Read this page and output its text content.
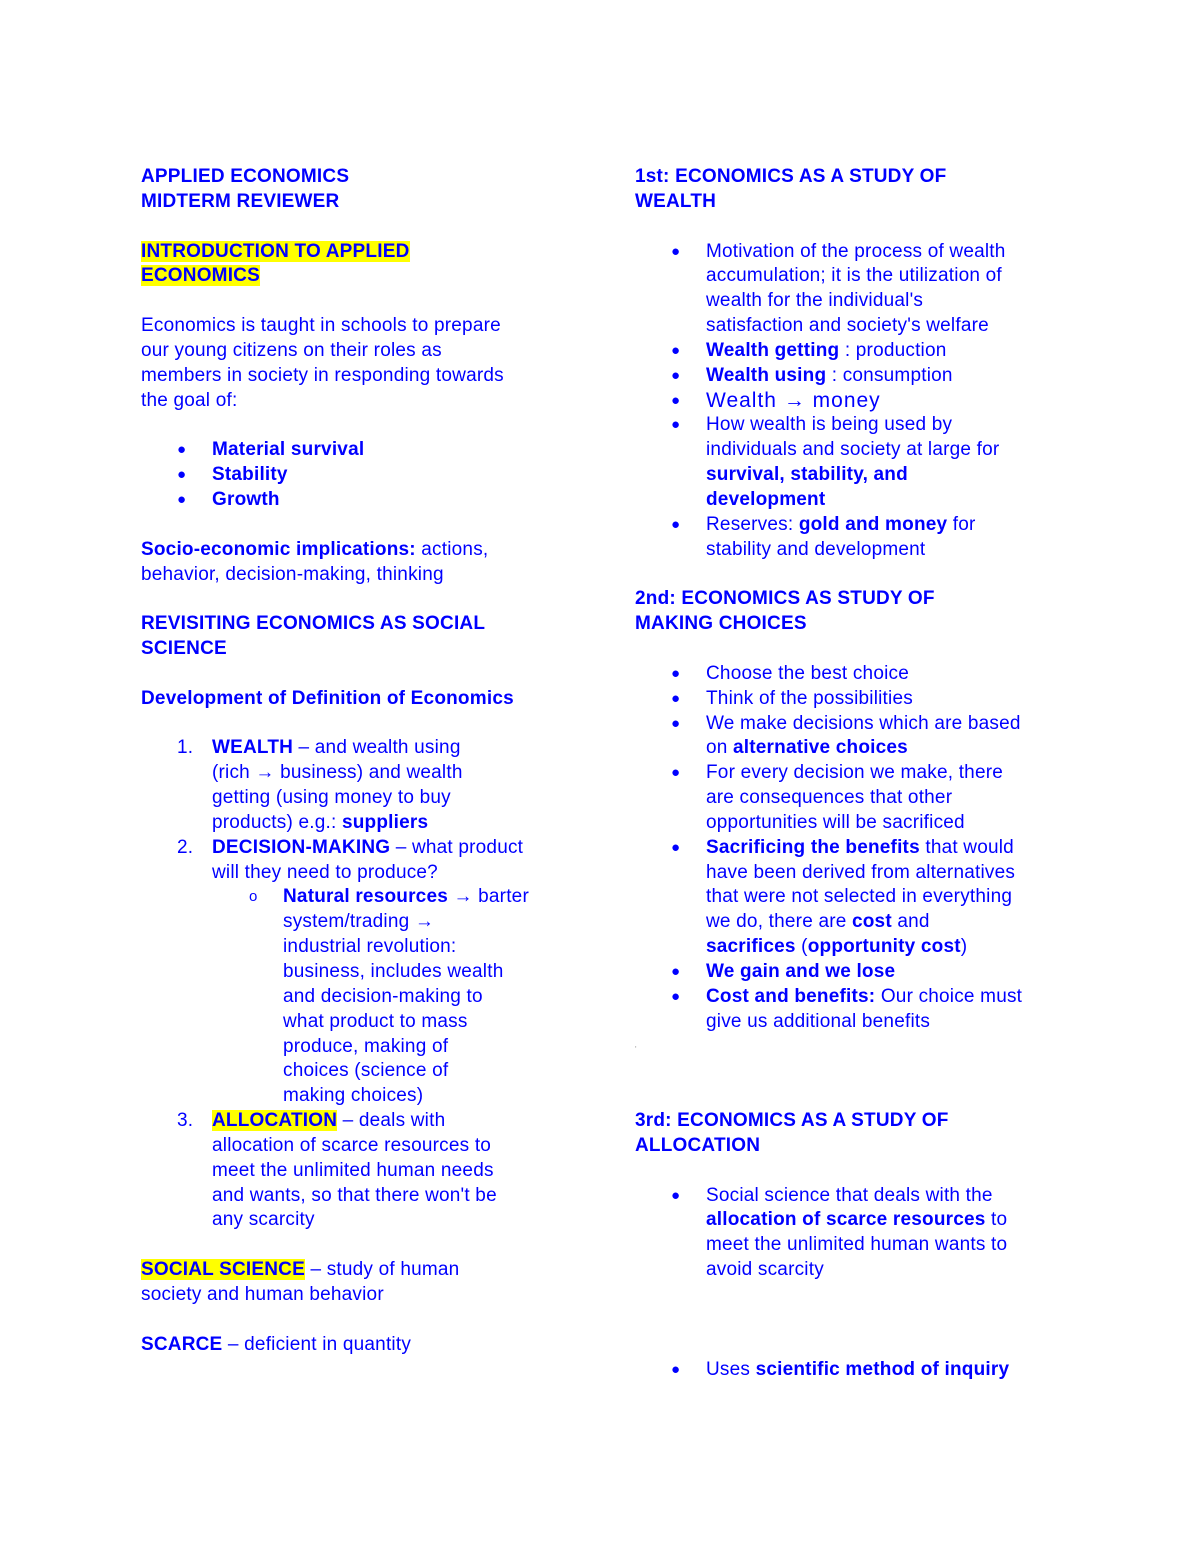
APPLIED ECONOMICS
MIDTERM REVIEWER
INTRODUCTION TO APPLIED
ECONOMICS
Economics is taught in schools to prepare
our young citizens on their roles as
members in society in responding towards
the goal of:
● Material survival
● Stability
● Growth
Socio-economic implications: actions,
behavior, decision-making, thinking
REVISITING ECONOMICS AS SOCIAL
SCIENCE
Development of Definition of Economics
1. WEALTH – and wealth using
(rich → business) and wealth
getting (using money to buy
products) e.g.: suppliers
2. DECISION-MAKING – what product
will they need to produce?
o Natural resources → barter
system/trading →
industrial revolution:
business, includes wealth
and decision-making to
what product to mass
produce, making of
choices (science of
making choices)
3. ALLOCATION – deals with
allocation of scarce resources to
meet the unlimited human needs
and wants, so that there won't be
any scarcity
SOCIAL SCIENCE – study of human
society and human behavior
SCARCE – deficient in quantity
1st: ECONOMICS AS A STUDY OF
WEALTH
● Motivation of the process of wealth
accumulation; it is the utilization of
wealth for the individual's
satisfaction and society's welfare
● Wealth getting : production
● Wealth using : consumption
● Wealth → money
● How wealth is being used by
individuals and society at large for
survival, stability, and
development
● Reserves: gold and money for
stability and development
2nd: ECONOMICS AS STUDY OF
MAKING CHOICES
● Choose the best choice
● Think of the possibilities
● We make decisions which are based
on alternative choices
● For every decision we make, there
are consequences that other
opportunities will be sacrificed
● Sacrificing the benefits that would
have been derived from alternatives
that were not selected in everything
we do, there are cost and
sacrifices (opportunity cost)
● We gain and we lose
● Cost and benefits: Our choice must
give us additional benefits
'
3rd: ECONOMICS AS A STUDY OF
ALLOCATION
● Social science that deals with the
allocation of scarce resources to
meet the unlimited human wants to
avoid scarcity
● Uses scientific method of inquiry
